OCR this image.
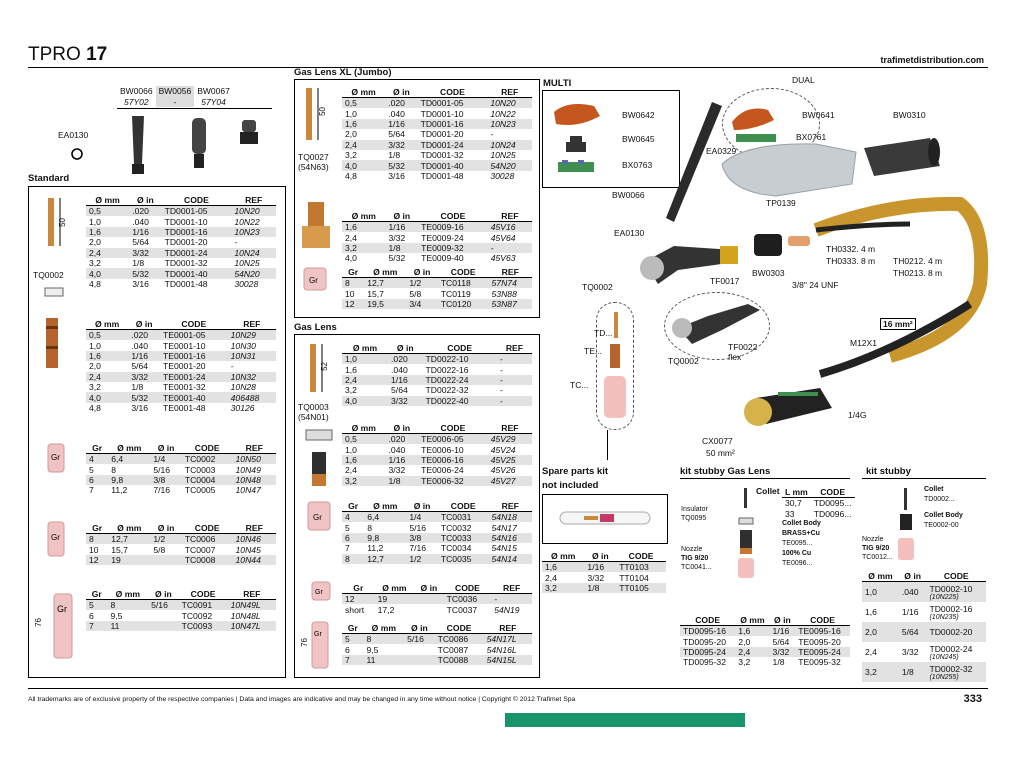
TPRO 17	trafimetdistribution.com
BW0066	BW0056	BW0067
57Y02	-	57Y04
EA0130
Standard
50
TQ0002
Ø mm	Ø in	CODE	REF
0,5	.020	TD0001-05	10N20
1,0	.040	TD0001-10	10N22
1,6	1/16	TD0001-16	10N23
2,0	5/64	TD0001-20	-
2,4	3/32	TD0001-24	10N24
3,2	1/8	TD0001-32	10N25
4,0	5/32	TD0001-40	54N20
4,8	3/16	TD0001-48	30028
Ø mm	Ø in	CODE	REF
0,5	.020	TE0001-05	10N29
1,0	.040	TE0001-10	10N30
1,6	1/16	TE0001-16	10N31
2,0	5/64	TE0001-20	-
2,4	3/32	TE0001-24	10N32
3,2	1/8	TE0001-32	10N28
4,0	5/32	TE0001-40	406488
4,8	3/16	TE0001-48	30126
Gr
Gr	Ø mm	Ø in	CODE	REF
4	6,4	1/4	TC0002	10N50
5	8	5/16	TC0003	10N49
6	9,8	3/8	TC0004	10N48
7	11,2	7/16	TC0005	10N47
Gr
Gr	Ø mm	Ø in	CODE	REF
8	12,7	1/2	TC0006	10N46
10	15,7	5/8	TC0007	10N45
12	19		TC0008	10N44
Gr
76
Gr	Ø mm	Ø in	CODE	REF
5	8	5/16	TC0091	10N49L
6	9,5		TC0092	10N48L
7	11		TC0093	10N47L
Gas Lens XL (Jumbo)
50
TQ0027
(54N63)
Ø mm	Ø in	CODE	REF
0,5	.020	TD0001-05	10N20
1,0	.040	TD0001-10	10N22
1,6	1/16	TD0001-16	10N23
2,0	5/64	TD0001-20	-
2,4	3/32	TD0001-24	10N24
3,2	1/8	TD0001-32	10N25
4,0	5/32	TD0001-40	54N20
4,8	3/16	TD0001-48	30028
Ø mm	Ø in	CODE	REF
1,6	1/16	TE0009-16	45V16
2,4	3/32	TE0009-24	45V64
3,2	1/8	TE0009-32	-
4,0	5/32	TE0009-40	45V63
Gr
Gr	Ø mm	Ø in	CODE	REF
8	12,7	1/2	TC0118	57N74
10	15,7	5/8	TC0119	53N88
12	19,5	3/4	TC0120	53N87
Gas Lens
52
TQ0003
(54N01)
Ø mm	Ø in	CODE	REF
1,0	.020	TD0022-10	-
1,6	.040	TD0022-16	-
2,4	1/16	TD0022-24	-
3,2	5/64	TD0022-32	-
4,0	3/32	TD0022-40	-
Ø mm	Ø in	CODE	REF
0,5	.020	TE0006-05	45V29
1,0	.040	TE0006-10	45V24
1,6	1/16	TE0006-16	45V25
2,4	3/32	TE0006-24	45V26
3,2	1/8	TE0006-32	45V27
Gr
Gr	Ø mm	Ø in	CODE	REF
4	6,4	1/4	TC0031	54N18
5	8	5/16	TC0032	54N17
6	9,8	3/8	TC0033	54N16
7	11,2	7/16	TC0034	54N15
8	12,7	1/2	TC0035	54N14
Gr	Gr	Ø mm	Ø in	CODE	REF
12	19		TC0036	-
short	17,2		TC0037	54N19
Gr
76
Gr	Ø mm	Ø in	CODE	REF
5	8	5/16	TC0086	54N17L
6	9,5		TC0087	54N16L
7	11		TC0088	54N15L
MULTI
BW0642
BW0645
BX0763
DUAL
BW0641
BX0761
BW0310
EA0329
BW0066
TP0139
EA0130
BW0303
TF0017	3/8" 24 UNF
TH0332. 4 m
TH0333. 8 m TH0212. 4 m
TH0213. 8 m
TQ0002
TD...
TE...
TC...
TQ0002
TF0022
flex
16 mm²
M12X1
1/4G
CX0077
50 mm²
Spare parts kit
not included
Ø mm	Ø in	CODE
1,6	1/16	TT0103
2,4	3/32	TT0104
3,2	1/8	TT0105
kit stubby Gas Lens
Collet L mm	CODE
30,7	TD0095...
33	TD0096...
Insulator
TQ0095
Collet Body
BRASS+Cu
TE0095...
100% Cu
TE0096...
Nozzle
TIG 9/20
TC0041...
CODE	Ø mm	Ø in	CODE
TD0095-16	1,6	1/16	TE0095-16
TD0095-20	2,0	5/64	TE0095-20
TD0095-24	2,4	3/32	TE0095-24
TD0095-32	3,2	1/8	TE0095-32
kit stubby
Collet
TD0002...
Collet Body
TE0002-00
Nozzle
TIG 9/20
TC0012...
Ø mm	Ø in	CODE
1,0	.040	TD0002-10
(10N225)

1,6	1/16	TD0002-16
(10N235)

2,0	5/64	TD0002-20

2,4	3/32	TD0002-24
(10N245)

3,2	1/8	TD0002-32
(10N255)
All trademarks are of exclusive property of the respective companies | Data and images are indicative and may be changed in any time without notice | Copyright © 2012 Trafimet Spa	333
